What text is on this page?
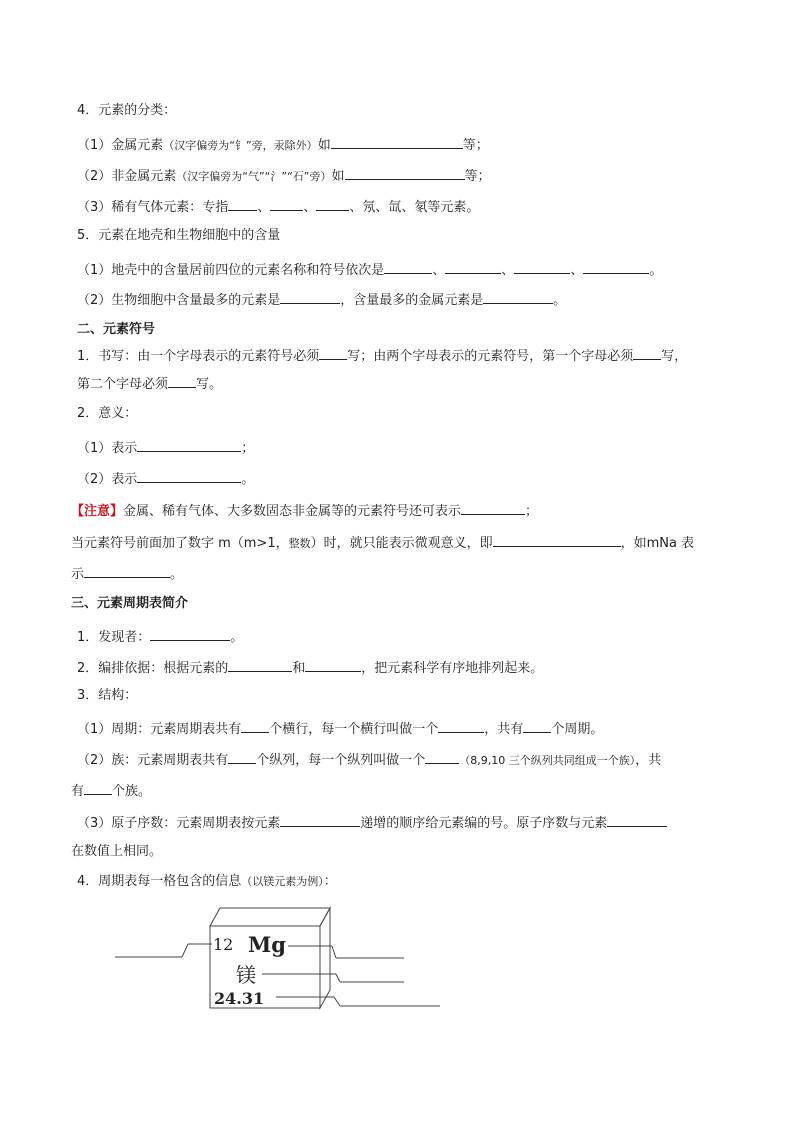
4．元素的分类：
（1）金属元素（汉字偏旁为“钅”旁，汞除外）如	等；
（2）非金属元素（汉字偏旁为“气”“氵”“石”旁）如	等；
（3）稀有气体元素：专指 、	、	、氖、氙、氡等元素。
5．元素在地壳和生物细胞中的含量
（1）地壳中的含量居前四位的元素名称和符号依次是	、	、	、	。
（2）生物细胞中含量最多的元素是	，含量最多的金属元素是	。
二、元素符号
1．书写：由一个字母表示的元素符号必须 写；由两个字母表示的元素符号，第一个字母必须 写，
第二个字母必须 写。
2．意义：
（1）表示	；
（2）表示	。
【注意】金属、稀有气体、大多数固态非金属等的元素符号还可表示	；
当元素符号前面加了数字 m（m>1，整数）时，就只能表示微观意义，即	，如mNa 表
示	。
三、元素周期表简介
1．发现者：	。
2．编排依据：根据元素的	和	，把元素科学有序地排列起来。
3．结构：
（1）周期：元素周期表共有 个横行，每一个横行叫做一个	，共有 个周期。
（2）族：元素周期表共有 个纵列，每一个纵列叫做一个	（8,9,10 三个纵列共同组成一个族），共
有 个族。
（3）原子序数：元素周期表按元素	递增的顺序给元素编的号。原子序数与元素
在数值上相同。
4．周期表每一格包含的信息（以镁元素为例）：
12 Mg
镁
24.31
